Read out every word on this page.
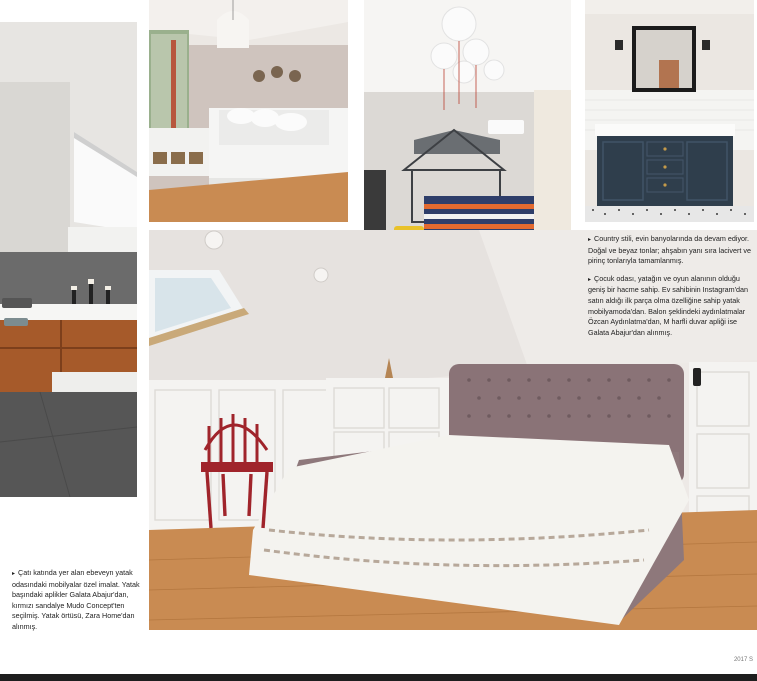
▸ Country stili, evin banyolarında da devam ediyor. Doğal ve beyaz tonlar; ahşabın yanı sıra lacivert ve pirinç tonlarıyla tamamlanmış.

▸ Çocuk odası, yatağın ve oyun alanının olduğu geniş bir hacme sahip. Ev sahibinin Instagram'dan satın aldığı ilk parça olma özelliğine sahip yatak mobilyamoda'dan. Balon şeklindeki aydınlatmalar Özcan Aydınlatma'dan, M harfli duvar apliği ise Galata Abajur'dan alınmış.

▸ Çatı katında yer alan ebeveyn yatak odasındaki mobilyalar özel imalat. Yatak başındaki aplikler Galata Abajur'dan, kırmızı sandalye Mudo Concept'ten seçilmiş. Yatak örtüsü, Zara Home'dan alınmış.

2017 S
